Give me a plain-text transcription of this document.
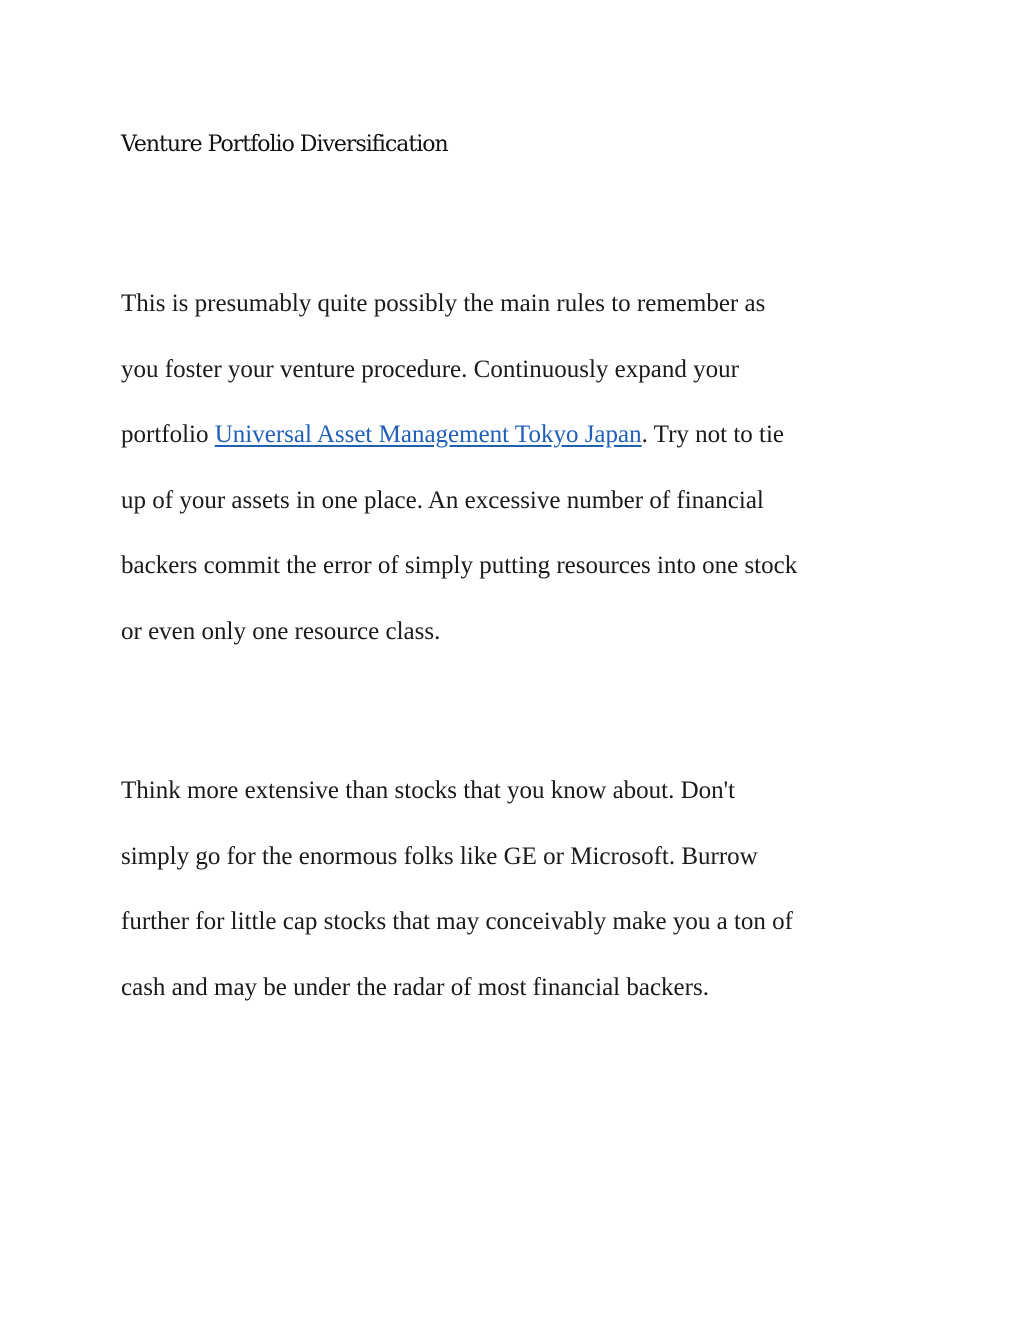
Venture Portfolio Diversification

This is presumably quite possibly the main rules to remember as
you foster your venture procedure. Continuously expand your
portfolio Universal Asset Management Tokyo Japan. Try not to tie
up of your assets in one place. An excessive number of financial
backers commit the error of simply putting resources into one stock
or even only one resource class.

Think more extensive than stocks that you know about. Don't
simply go for the enormous folks like GE or Microsoft. Burrow
further for little cap stocks that may conceivably make you a ton of
cash and may be under the radar of most financial backers.
